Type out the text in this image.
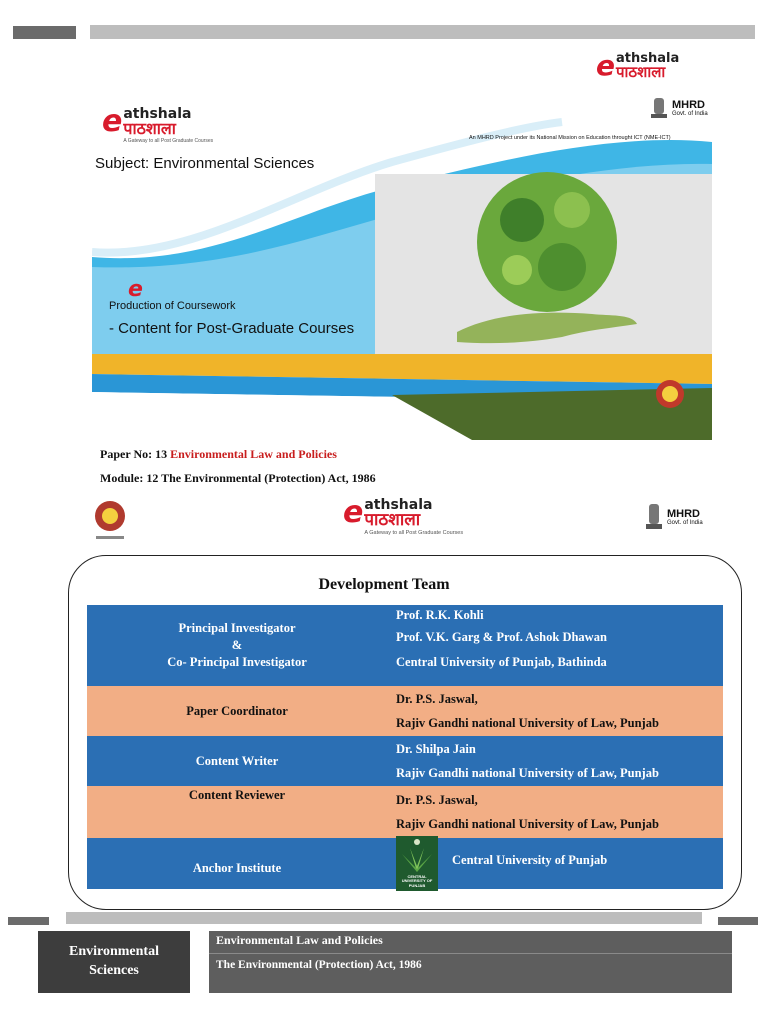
e athshala
पाठशाला
e
e athshala
पाठशाला
A Gateway to all Post Graduate Courses
MHRD
Govt. of India
An MHRD Project under its National Mission on Education throught ICT (NME-ICT)
Subject: Environmental Sciences
Production of Coursework
- Content for Post-Graduate Courses
Paper No: 13 Environmental Law and Policies
Module: 12 The Environmental (Protection) Act, 1986
e athshala
पाठशाला
A Gateway to all Post Graduate Courses
MHRD
Govt. of India
Development Team
Principal Investigator
&
Co- Principal Investigator
Prof. R.K. Kohli
Prof. V.K. Garg & Prof. Ashok Dhawan
Central University of Punjab, Bathinda
Paper Coordinator
Dr. P.S. Jaswal,
Rajiv Gandhi national University of Law, Punjab
Content Writer
Dr. Shilpa Jain
Rajiv Gandhi national University of Law, Punjab
Content Reviewer	Dr. P.S. Jaswal,
Rajiv Gandhi national University of Law, Punjab
Anchor Institute
CENTRAL UNIVERSITY OF PUNJAB
Central University of Punjab
Environmental
Sciences
Environmental Law and Policies
The Environmental (Protection) Act, 1986
